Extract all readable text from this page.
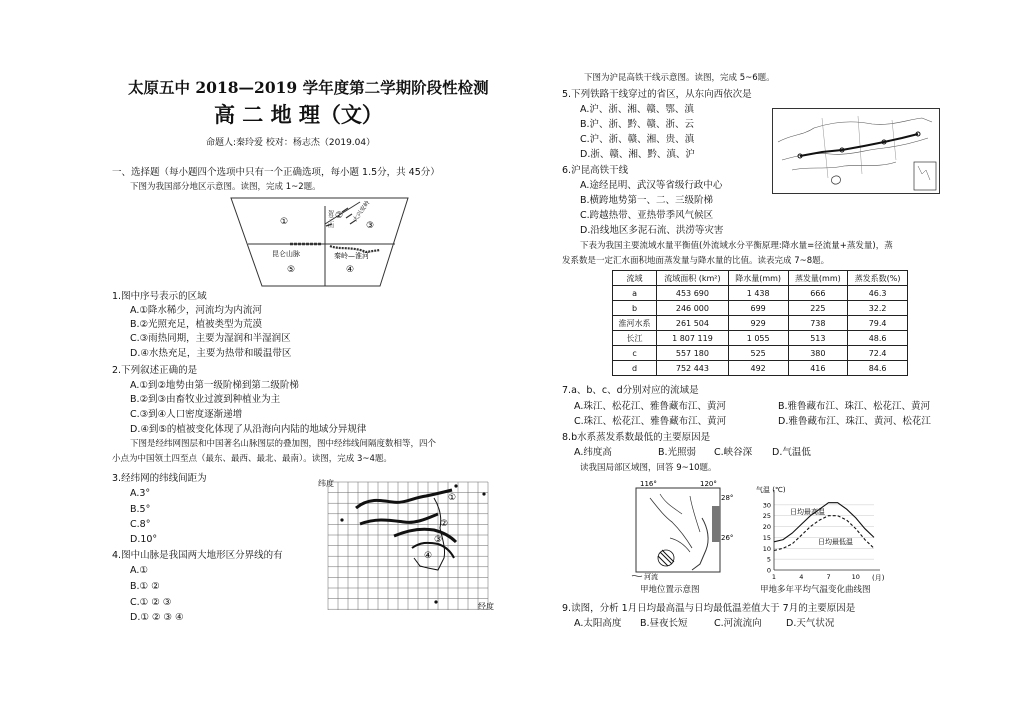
太原五中 2018—2019 学年度第二学期阶段性检测
高 二 地 理（文）
命题人:秦玲爱 校对：杨志杰（2019.04）
一、选择题（每小题四个选项中只有一个正确选项，每小题 1.5分，共 45分）
下图为我国部分地区示意图。读图，完成 1~2题。
①
②
③
④
⑤
贺兰山	大兴安岭
昆仑山脉	秦岭—淮河
1.图中序号表示的区域
A.①降水稀少，河流均为内流河
B.②光照充足，植被类型为荒漠
C.③雨热同期，主要为湿润和半湿润区
D.④水热充足，主要为热带和暖温带区
2.下列叙述正确的是
A.①到②地势由第一级阶梯到第二级阶梯
B.②到③由畜牧业过渡到种植业为主
C.③到④人口密度逐渐递增
D.④到⑤的植被变化体现了从沿海向内陆的地域分异规律
下图是经纬网图层和中国著名山脉图层的叠加图，图中经纬线间隔度数相等，四个
小点为中国领土四至点（最东、最西、最北、最南）。读图，完成 3~4题。
3.经纬网的纬线间距为
A.3°
B.5°
C.8°
D.10°
4.图中山脉是我国两大地形区分界线的有
A.①
B.① ②
C.① ② ③
D.① ② ③ ④
①
②
③
④
纬度
经度
下图为沪昆高铁干线示意图。读图，完成 5~6题。
5.下列铁路干线穿过的省区，从东向西依次是
A.沪、浙、湘、赣、鄂、滇
B.沪、浙、黔、赣、浙、云
C.沪、浙、赣、湘、贵、滇
D.浙、赣、湘、黔、滇、沪
6.沪昆高铁干线
A.途经昆明、武汉等省级行政中心
B.横跨地势第一、二、三级阶梯
C.跨越热带、亚热带季风气候区
D.沿线地区多泥石流、洪涝等灾害
下表为我国主要流域水量平衡值(外流域水分平衡原理:降水量=径流量+蒸发量)，蒸
发系数是一定汇水面积地面蒸发量与降水量的比值。读表完成 7~8题。
流域	流域面积 (km²)	降水量(mm)	蒸发量(mm)	蒸发系数(%)
a	453 690	1 438	666	46.3
b	246 000	699	225	32.2
淮河水系	261 504	929	738	79.4
长江	1 807 119	1 055	513	48.6
c	557 180	525	380	72.4
d	752 443	492	416	84.6
7.a、b、c、d分别对应的流域是
A.珠江、松花江、雅鲁藏布江、黄河	B.雅鲁藏布江、珠江、松花江、黄河
C.珠江、松花江、雅鲁藏布江、黄河	D.雅鲁藏布江、珠江、黄河、松花江
8.b水系蒸发系数最低的主要原因是
A.纬度高	B.光照弱 C.峡谷深 D.气温低
读我国局部区域图，回答 9~10题。
116°	120°
28°
26°
河流
甲地位置示意图
气温 (℃)
30
25
20
15
10
5
0
1	4	7	10
日均最高温
日均最低温
(月)
甲地多年平均气温变化曲线图
9.读图，分析 1月日均最高温与日均最低温差值大于 7月的主要原因是
A.太阳高度 B.昼夜长短	C.河流流向	D.天气状况
